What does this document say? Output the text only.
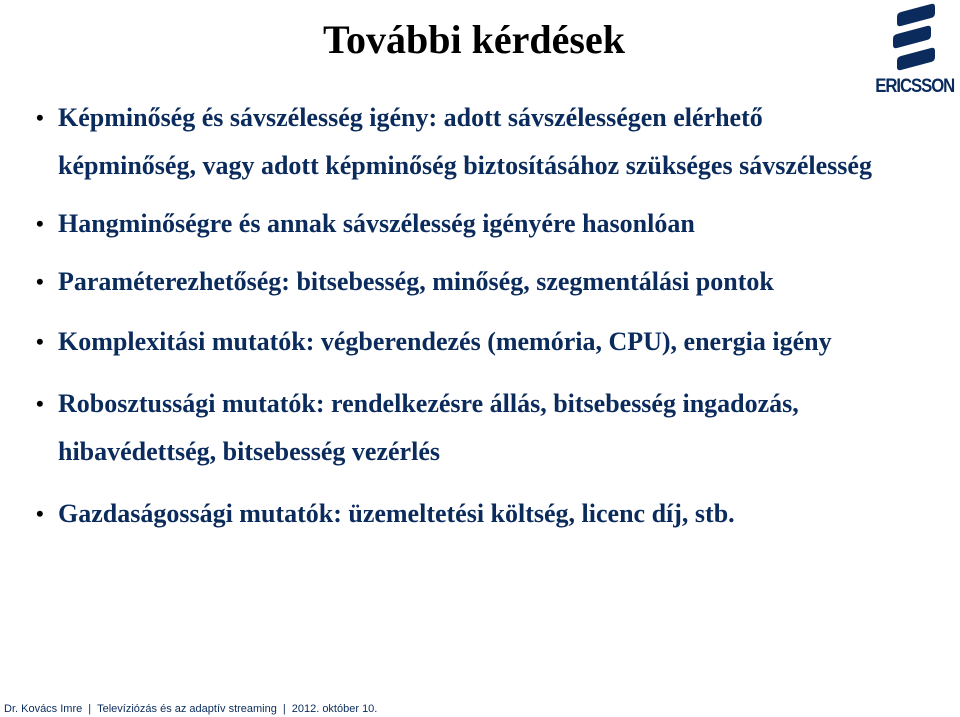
További kérdések
ERICSSON
• Képminőség és sávszélesség igény: adott sávszélességen elérhető képminőség, vagy adott képminőség biztosításához szükséges sávszélesség
• Hangminőségre és annak sávszélesség igényére hasonlóan
• Paraméterezhetőség: bitsebesség, minőség, szegmentálási pontok
• Komplexitási mutatók: végberendezés (memória, CPU), energia igény
• Robosztussági mutatók: rendelkezésre állás, bitsebesség ingadozás, hibavédettség, bitsebesség vezérlés
• Gazdaságossági mutatók: üzemeltetési költség, licenc díj, stb.
Dr. Kovács Imre | Televíziózás és az adaptív streaming | 2012. október 10.
